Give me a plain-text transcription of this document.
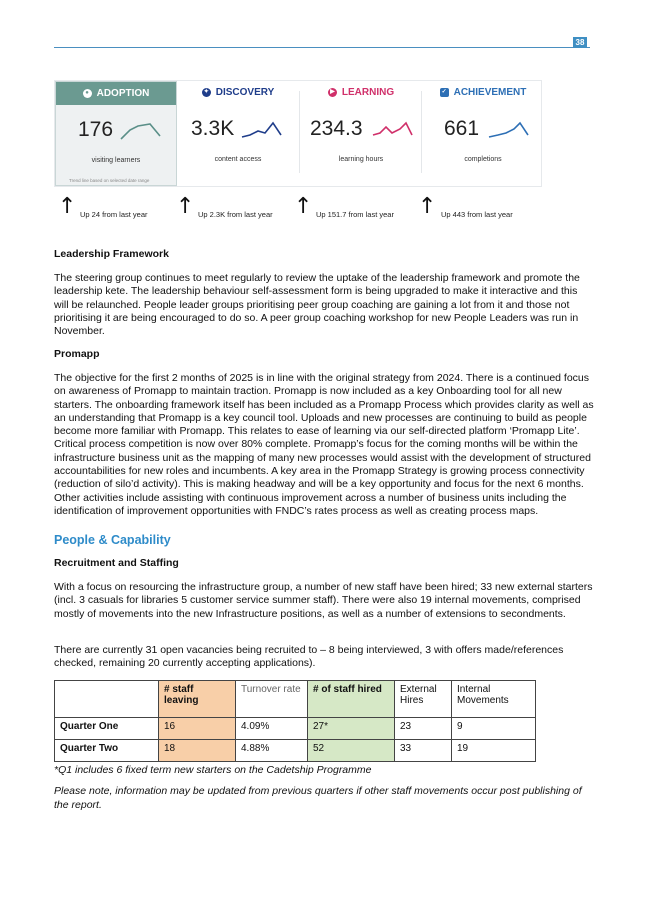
38
● ADOPTION
176
visiting learners
Trend line based on selected date range
✦ DISCOVERY
3.3K
content access
▶ LEARNING
234.3
learning hours
✓ ACHIEVEMENT
661
completions
↑ Up 24 from last year ↑ Up 2.3K from last year ↑ Up 151.7 from last year ↑ Up 443 from last year
Leadership Framework
The steering group continues to meet regularly to review the uptake of the leadership framework and promote the leadership kete. The leadership behaviour self-assessment form is being upgraded to make it interactive and this will be relaunched. People leader groups prioritising peer group coaching are gaining a lot from it and those not prioritising it are being encouraged to do so. A peer group coaching workshop for new People Leaders was run in November.
Promapp
The objective for the first 2 months of 2025 is in line with the original strategy from 2024. There is a continued focus on awareness of Promapp to maintain traction. Promapp is now included as a key Onboarding tool for all new starters. The onboarding framework itself has been included as a Promapp Process which provides clarity as well as an understanding that Promapp is a key council tool. Uploads and new processes are continuing to build as people become more familiar with Promapp. This relates to ease of learning via our self-directed platform ‘Promapp Lite’. Critical process competition is now over 80% complete. Promapp’s focus for the coming months will be within the infrastructure business unit as the mapping of many new processes would assist with the development of structured accountabilities for new roles and incumbents. A key area in the Promapp Strategy is growing process connectivity (reduction of silo’d activity). This is making headway and will be a key opportunity and focus for the next 6 months. Other activities include assisting with continuous improvement across a number of business units including the identification of improvement opportunities with FNDC’s rates process as well as creating process maps.
People & Capability
Recruitment and Staffing
With a focus on resourcing the infrastructure group, a number of new staff have been hired; 33 new external starters (incl. 3 casuals for libraries 5 customer service summer staff). There were also 19 internal movements, comprised mostly of movements into the new Infrastructure positions, as well as a number of extensions to secondments.
There are currently 31 open vacancies being recruited to – 8 being interviewed, 3 with offers made/references checked, remaining 20 currently accepting applications).
	# staff leaving	Turnover rate	# of staff hired	External Hires	Internal Movements
Quarter One	16	4.09%	27*	23	9
Quarter Two	18	4.88%	52	33	19
*Q1 includes 6 fixed term new starters on the Cadetship Programme
Please note, information may be updated from previous quarters if other staff movements occur post publishing of the report.
